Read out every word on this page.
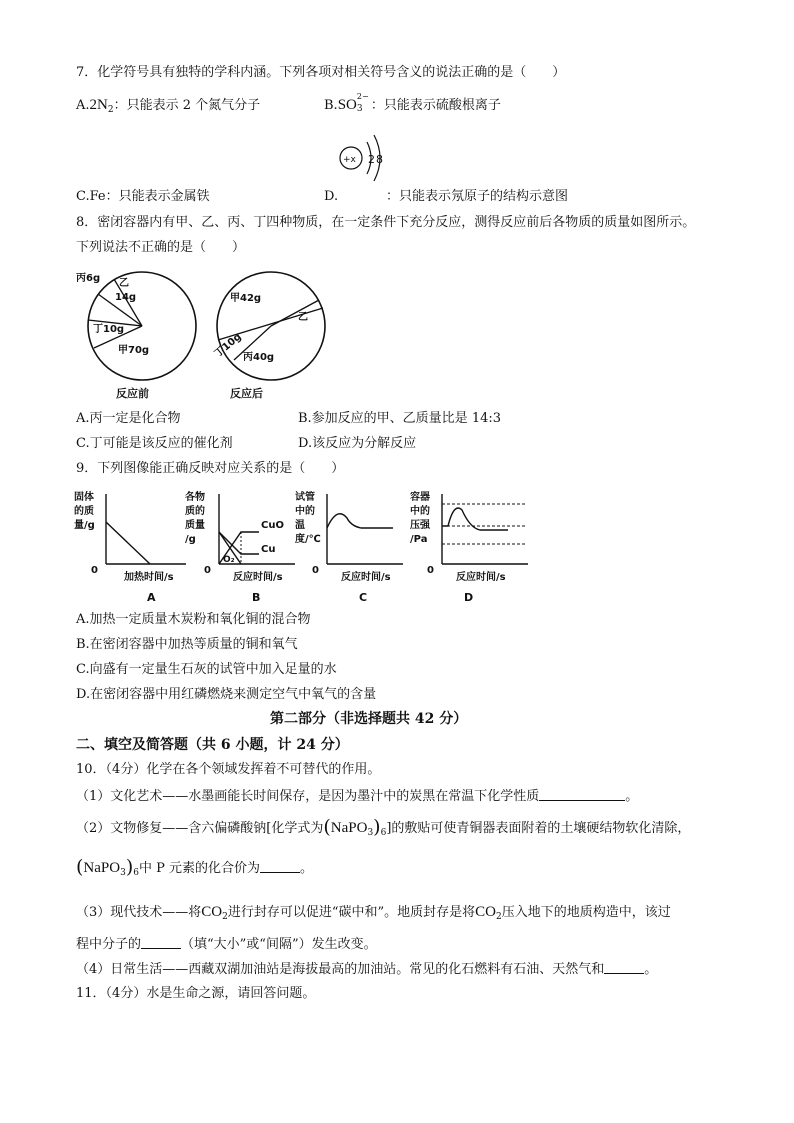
7．化学符号具有独特的学科内涵。下列各项对相关符号含义的说法正确的是（　　）
$A.2N_2$：只能表示 2 个氮气分子	B.SO
2−
3 ：只能表示硫酸根离子
+x 2 8
C.Fe：只能表示金属铁	D.	：只能表示氖原子的结构示意图
8．密闭容器内有甲、乙、丙、丁四种物质，在一定条件下充分反应，测得反应前后各物质的质量如图所示。
下列说法不正确的是（　　）
丙6g 乙
14g
丁10g
甲70g
反应前
甲42g
乙
丁10g 丙40g
反应后
A.丙一定是化合物	B.参加反应的甲、乙质量比是 14:3
C.丁可能是该反应的催化剂	D.该反应为分解反应
9．下列图像能正确反映对应关系的是（　　）
固体
的质
量/g
0
加热时间/s
A
各物
质的
质量
/g
CuO
Cu
O₂
0
反应时间/s
B
试管
中的
温
度/℃
0
反应时间/s
C
容器
中的
压强
/Pa
0
反应时间/s
D
A.加热一定质量木炭粉和氧化铜的混合物
B.在密闭容器中加热等质量的铜和氧气
C.向盛有一定量生石灰的试管中加入足量的水
D.在密闭容器中用红磷燃烧来测定空气中氧气的含量
第二部分（非选择题共 42 分）
二、填空及简答题（共 6 小题，计 24 分）
10．（4分）化学在各个领域发挥着不可替代的作用。
（1）文化艺术——水墨画能长时间保存，是因为墨汁中的炭黑在常温下化学性质	。
（2）文物修复——含六偏磷酸钠[化学式为$(NaPO_3)_6$]的敷贴可使青铜器表面附着的土壤硬结物软化清除，
$(NaPO_3)_6$中 P 元素的化合价为	。
（3）现代技术——将$CO_2$进行封存可以促进“碳中和”。地质封存是将$CO_2$压入地下的地质构造中，该过
程中分子的	（填“大小”或“间隔”）发生改变。
（4）日常生活——西藏双湖加油站是海拔最高的加油站。常见的化石燃料有石油、天然气和	。
11．（4分）水是生命之源，请回答问题。
